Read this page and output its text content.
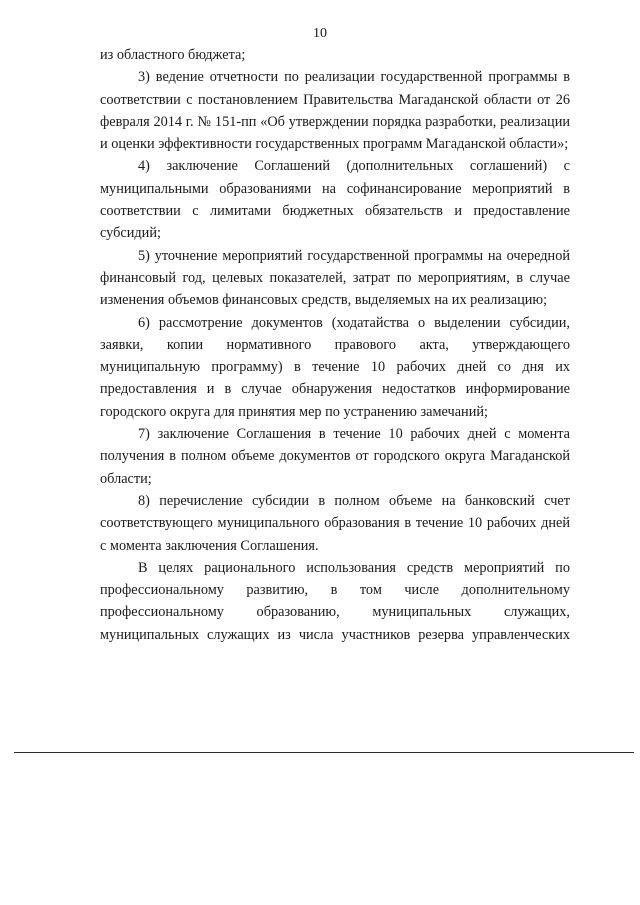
10

из областного бюджета;

3) ведение отчетности по реализации государственной программы в соответствии с постановлением Правительства Магаданской области от 26 февраля 2014 г. № 151-пп «Об утверждении порядка разработки, реализации и оценки эффективности государственных программ Магаданской области»;

4) заключение Соглашений (дополнительных соглашений) с муниципальными образованиями на софинансирование мероприятий в соответствии с лимитами бюджетных обязательств и предоставление субсидий;

5) уточнение мероприятий государственной программы на очередной финансовый год, целевых показателей, затрат по мероприятиям, в случае изменения объемов финансовых средств, выделяемых на их реализацию;

6) рассмотрение документов (ходатайства о выделении субсидии, заявки, копии нормативного правового акта, утверждающего муниципальную программу) в течение 10 рабочих дней со дня их предоставления и в случае обнаружения недостатков информирование городского округа для принятия мер по устранению замечаний;

7) заключение Соглашения в течение 10 рабочих дней с момента получения в полном объеме документов от городского округа Магаданской области;

8) перечисление субсидии в полном объеме на банковский счет соответствующего муниципального образования в течение 10 рабочих дней с момента заключения Соглашения.

В целях рационального использования средств мероприятий по профессиональному развитию, в том числе дополнительному профессиональному образованию, муниципальных служащих, муниципальных служащих из числа участников резерва управленческих
